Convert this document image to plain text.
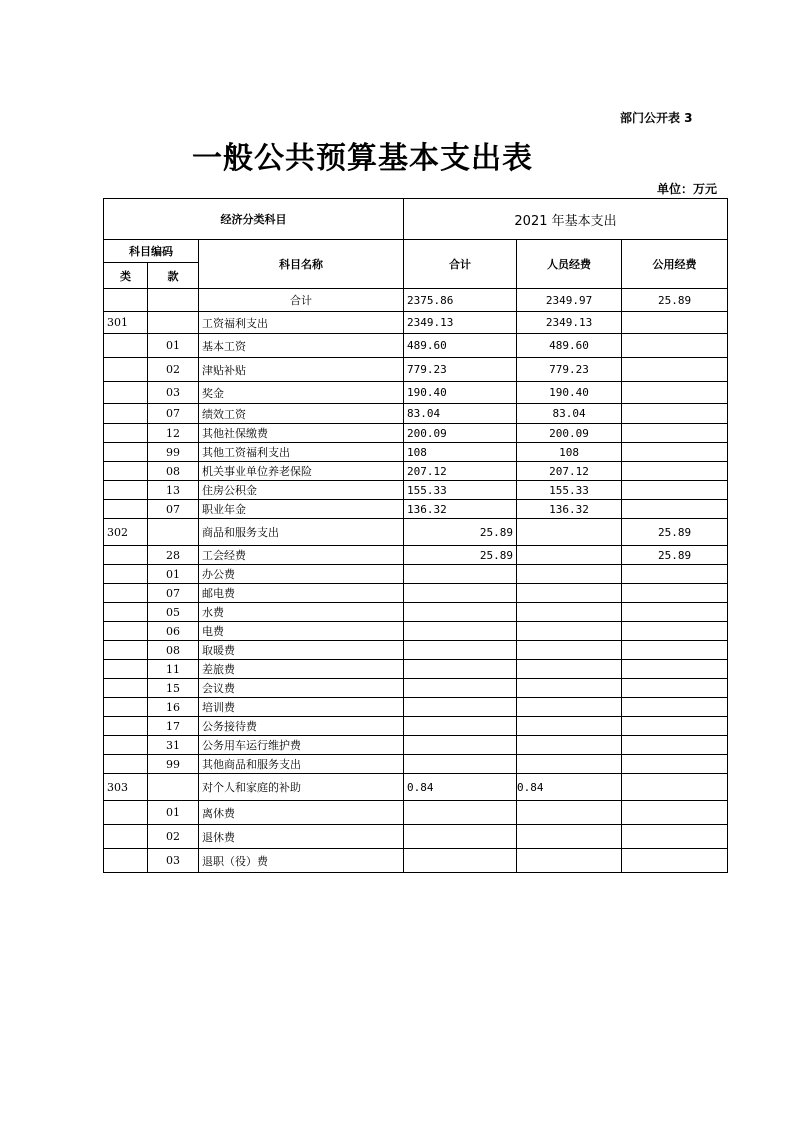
部门公开表 3
一般公共预算基本支出表
单位：万元
经济分类科目			2021 年基本支出		
科目编码		科目名称	合计	人员经费	公用经费
类	款				
		合计	2375.86	2349.97	25.89
301		工资福利支出	2349.13	2349.13	
	01	基本工资	489.60	489.60	
	02	津贴补贴	779.23	779.23	
	03	奖金	190.40	190.40	
	07	绩效工资	83.04	83.04	
	12	其他社保缴费	200.09	200.09	
	99	其他工资福利支出	108	108	
	08	机关事业单位养老保险	207.12	207.12	
	13	住房公积金	155.33	155.33	
	07	职业年金	136.32	136.32	
302		商品和服务支出	25.89		25.89
	28	工会经费	25.89		25.89
	01	办公费			
	07	邮电费			
	05	水费			
	06	电费			
	08	取暖费			
	11	差旅费			
	15	会议费			
	16	培训费			
	17	公务接待费			
	31	公务用车运行维护费			
	99	其他商品和服务支出			
303		对个人和家庭的补助	0.84	0.84	
	01	离休费			
	02	退休费			
	03	退职（役）费			
